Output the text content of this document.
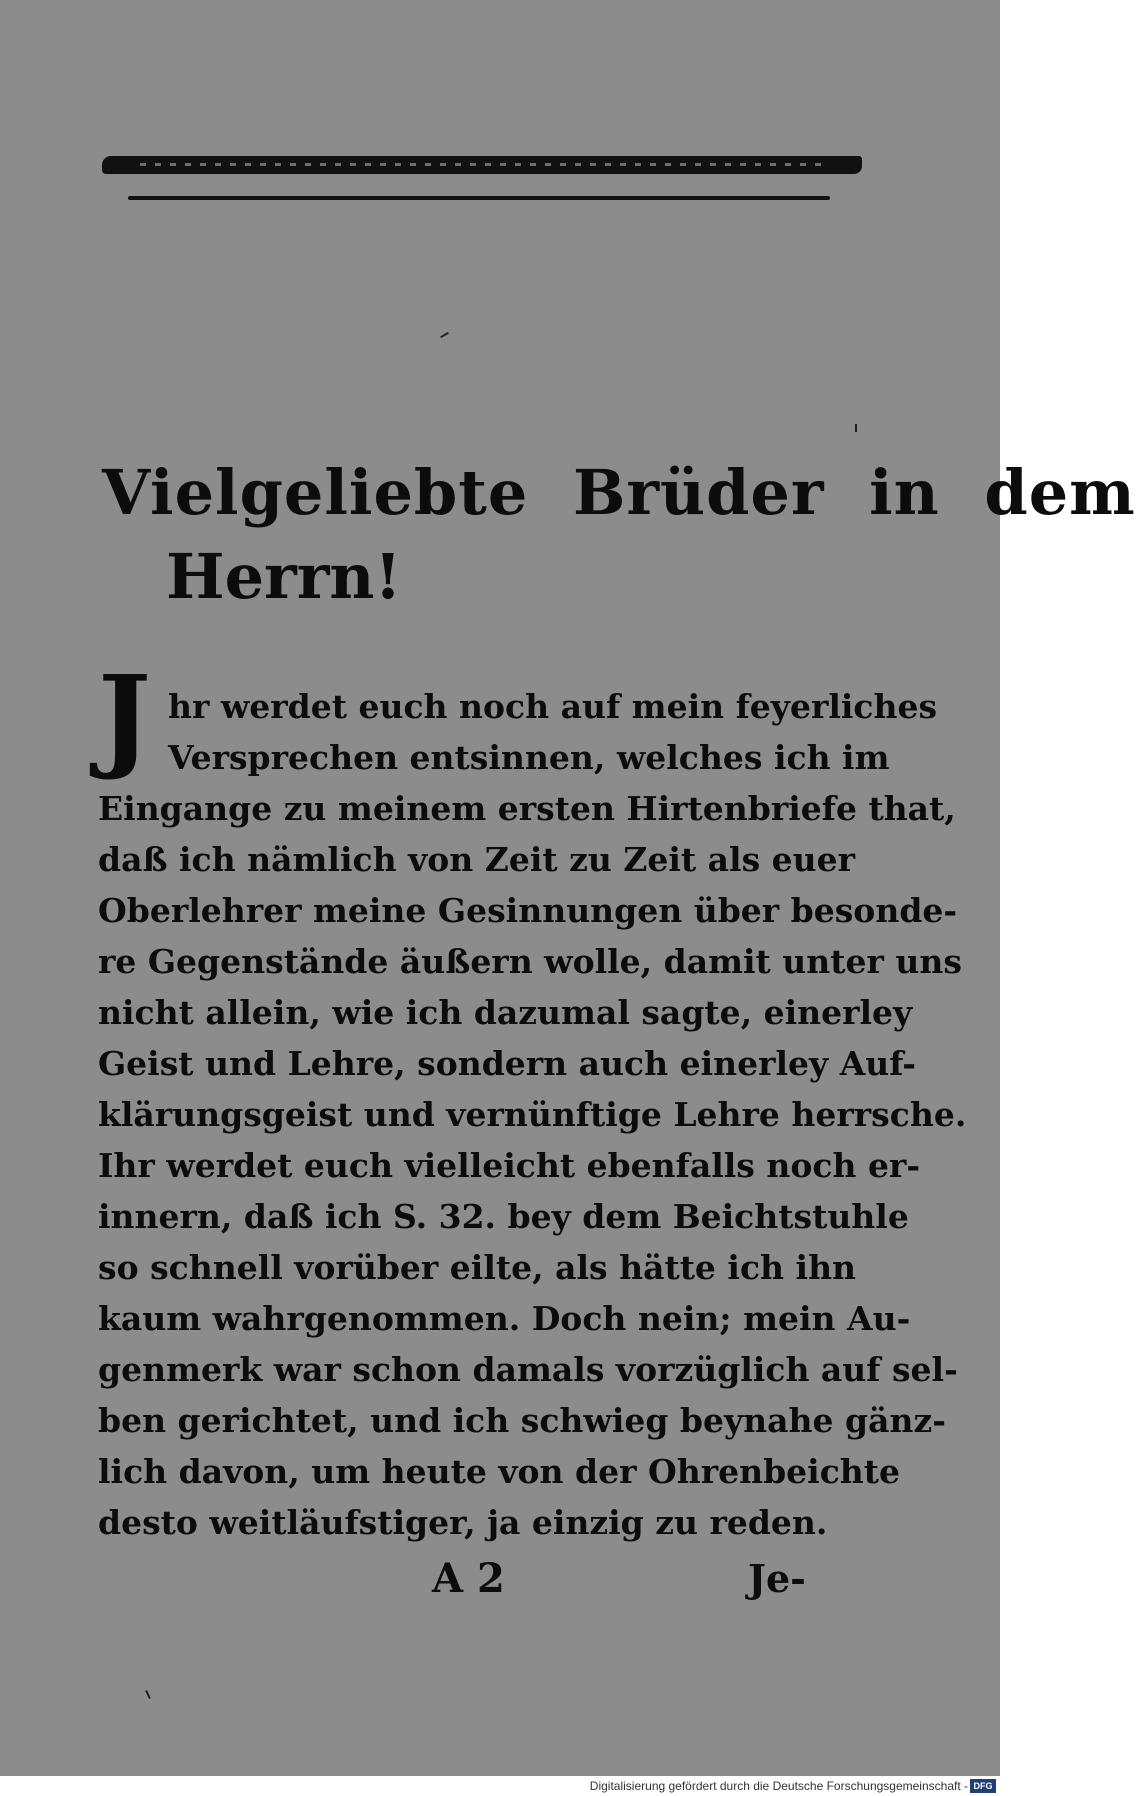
Vielgeliebte Brüder in dem
Herrn!
J hr werdet euch noch auf mein feyerliches

Versprechen entsinnen, welches ich im

Eingange zu meinem ersten Hirtenbriefe that,

daß ich nämlich von Zeit zu Zeit als euer

Oberlehrer meine Gesinnungen über besonde-

re Gegenstände äußern wolle, damit unter uns

nicht allein, wie ich dazumal sagte, einerley

Geist und Lehre, sondern auch einerley Auf-

klärungsgeist und vernünftige Lehre herrsche.

Ihr werdet euch vielleicht ebenfalls noch er-

innern, daß ich S. 32. bey dem Beichtstuhle

so schnell vorüber eilte, als hätte ich ihn

kaum wahrgenommen. Doch nein; mein Au-

genmerk war schon damals vorzüglich auf sel-

ben gerichtet, und ich schwieg beynahe gänz-

lich davon, um heute von der Ohrenbeichte

desto weitläufstiger, ja einzig zu reden.

A 2	Je-
Digitalisierung gefördert durch die Deutsche Forschungsgemeinschaft - DFG
